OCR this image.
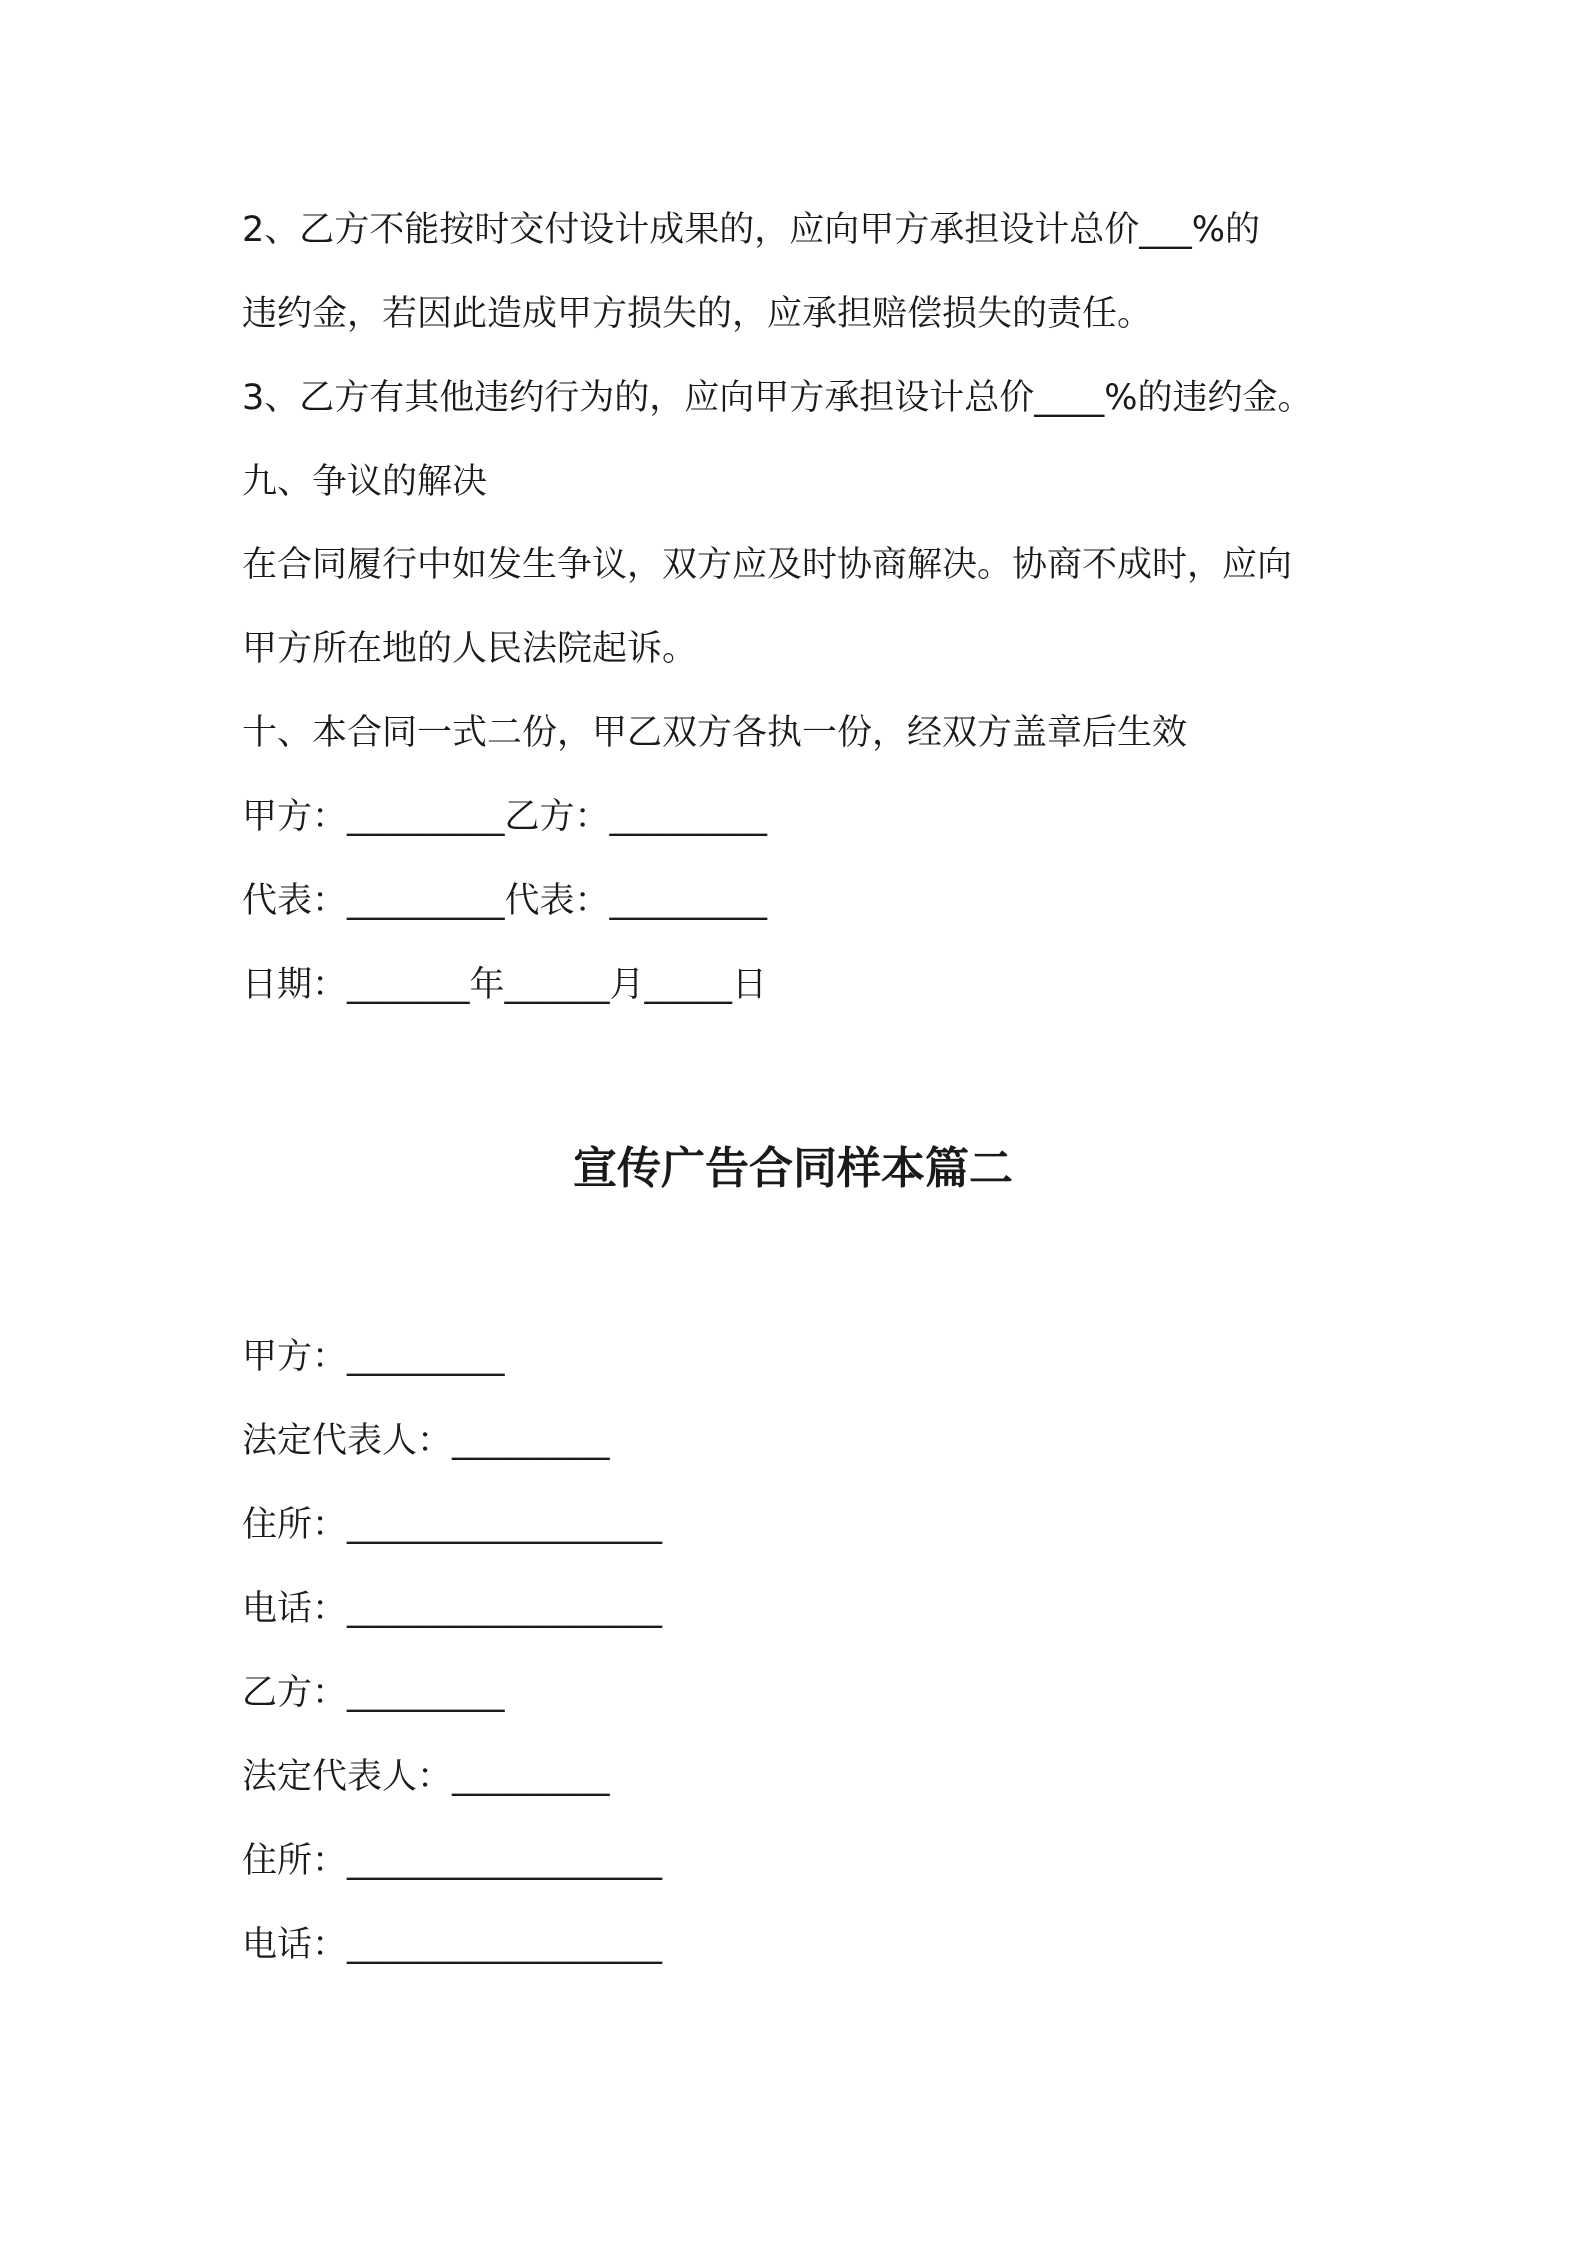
2、乙方不能按时交付设计成果的，应向甲方承担设计总价___%的
违约金，若因此造成甲方损失的，应承担赔偿损失的责任。
3、乙方有其他违约行为的，应向甲方承担设计总价____%的违约金。
九、争议的解决
在合同履行中如发生争议，双方应及时协商解决。协商不成时，应向
甲方所在地的人民法院起诉。
十、本合同一式二份，甲乙双方各执一份，经双方盖章后生效
甲方：_________乙方：_________
代表：_________代表：_________
日期：_______年______月_____日
宣传广告合同样本篇二
甲方：_________
法定代表人：_________
住所：__________________
电话：__________________
乙方：_________
法定代表人：_________
住所：__________________
电话：__________________
